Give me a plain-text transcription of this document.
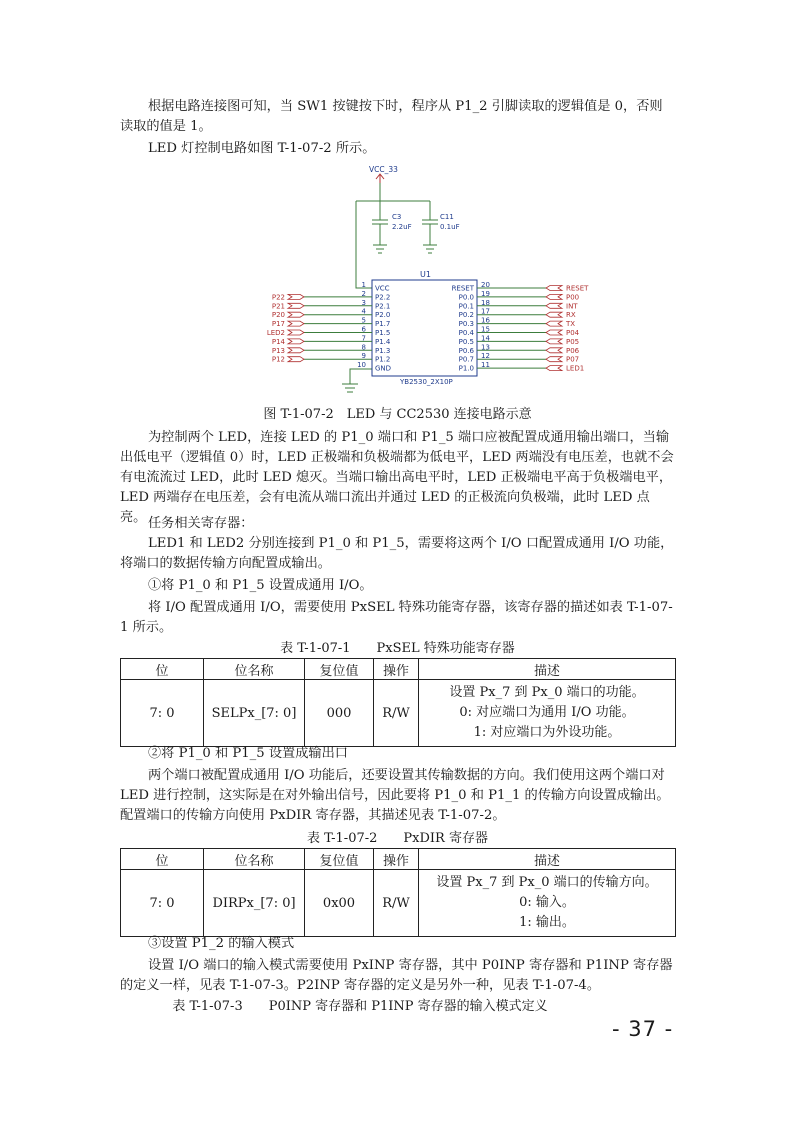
根据电路连接图可知，当 SW1 按键按下时，程序从 P1_2 引脚读取的逻辑值是 0，否则读取的值是 1。

LED 灯控制电路如图 T-1-07-2 所示。

U1
YB2530_2X10P
VCC_33
C3
2.2uF
C11
0.1uF
1 VCC
2 P2.2
P22
3 P2.1
P21
4 P2.0
P20
5 P1.7
P17
6 P1.5
LED2
7 P1.4
P14
8 P1.3
P13
9 P1.2
P12
10 GND
RESET 20	RESET
P0.0 19	P00
P0.1 18	INT
P0.2 17	RX
P0.3 16	TX
P0.4 15	P04
P0.5 14	P05
P0.6 13	P06
P0.7 12	P07
P1.0 11	LED1
图 T-1-07-2　LED 与 CC2530 连接电路示意

为控制两个 LED，连接 LED 的 P1_0 端口和 P1_5 端口应被配置成通用输出端口，当输出低电平（逻辑值 0）时，LED 正极端和负极端都为低电平，LED 两端没有电压差，也就不会有电流流过 LED，此时 LED 熄灭。当端口输出高电平时，LED 正极端电平高于负极端电平，LED 两端存在电压差，会有电流从端口流出并通过 LED 的正极流向负极端，此时 LED 点亮。 任务相关寄存器：

LED1 和 LED2 分别连接到 P1_0 和 P1_5，需要将这两个 I/O 口配置成通用 I/O 功能，将端口的数据传输方向配置成输出。

①将 P1_0 和 P1_5 设置成通用 I/O。

将 I/O 配置成通用 I/O，需要使用 PxSEL 特殊功能寄存器，该寄存器的描述如表 T-1-07-1 所示。

表 T-1-07-1　　PxSEL 特殊功能寄存器
位	位名称	复位值	操作	描述
7: 0	SELPx_[7: 0]	000	R/W	设置 Px_7 到 Px_0 端口的功能。
0: 对应端口为通用 I/O 功能。
1: 对应端口为外设功能。

②将 P1_0 和 P1_5 设置成输出口

两个端口被配置成通用 I/O 功能后，还要设置其传输数据的方向。我们使用这两个端口对 LED 进行控制，这实际是在对外输出信号，因此要将 P1_0 和 P1_1 的传输方向设置成输出。配置端口的传输方向使用 PxDIR 寄存器，其描述见表 T-1-07-2。

表 T-1-07-2　　PxDIR 寄存器
位	位名称	复位值	操作	描述
7: 0	DIRPx_[7: 0]	0x00	R/W	设置 Px_7 到 Px_0 端口的传输方向。
0: 输入。
1: 输出。

③设置 P1_2 的输入模式

设置 I/O 端口的输入模式需要使用 PxINP 寄存器，其中 P0INP 寄存器和 P1INP 寄存器的定义一样，见表 T-1-07-3。P2INP 寄存器的定义是另外一种，见表 T-1-07-4。

表 T-1-07-3　　P0INP 寄存器和 P1INP 寄存器的输入模式定义
- 37 -
